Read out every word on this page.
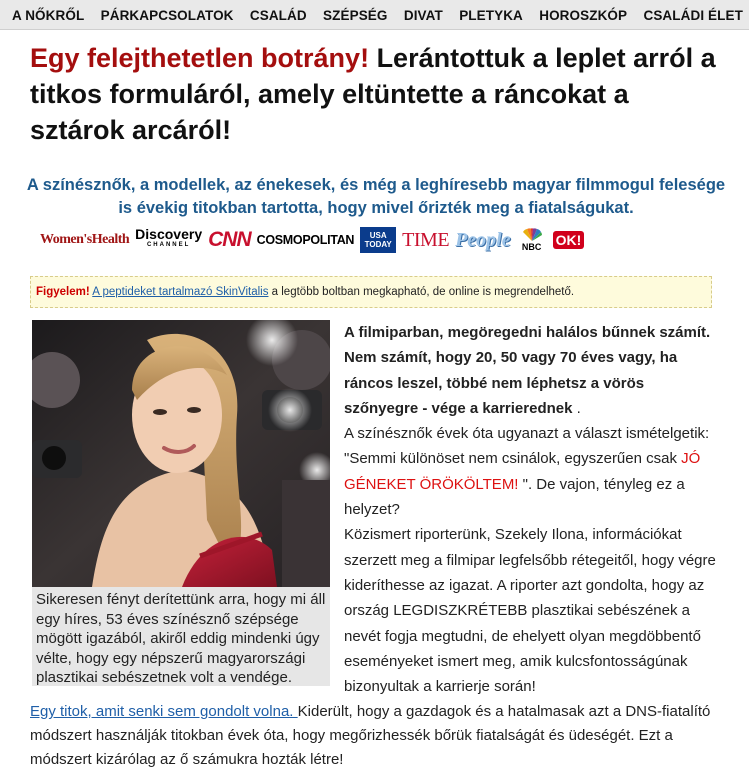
A NŐKRŐL PÁRKAPCSOLATOK CSALÁD SZÉPSÉG DIVAT PLETYKA HOROSZKÓP CSALÁDI ÉLET
Egy felejthetetlen botrány! Lerántottuk a leplet arról a titkos formuláról, amely eltüntette a ráncokat a sztárok arcáról!
A színésznők, a modellek, az énekesek, és még a leghíresebb magyar filmmogul felesége is évekig titokban tartotta, hogy mivel őrizték meg a fiatalságukat.
Women'sHealth Discovery
CHANNEL CNN COSMOPOLITAN USA
TODAY TIME People NBC OK!
Figyelem! A peptideket tartalmazó SkinVitalis a legtöbb boltban megkapható, de online is megrendelhető.
Sikeresen fényt derítettünk arra, hogy mi áll egy híres, 53 éves színésznő szépsége mögött igazából, akiről eddig mindenki úgy vélte, hogy egy népszerű magyarországi plasztikai sebészetnek volt a vendége.

A filmiparban, megöregedni halálos bűnnek számít. Nem számít, hogy 20, 50 vagy 70 éves vagy, ha ráncos leszel, többé nem léphetsz a vörös szőnyegre - vége a karrierednek .

A színésznők évek óta ugyanazt a választ ismételgetik: "Semmi különöset nem csinálok, egyszerűen csak JÓ GÉNEKET ÖRÖKÖLTEM! ". De vajon, tényleg ez a helyzet?

Közismert riporterünk, Szekely Ilona, információkat szerzett meg a filmipar legfelsőbb rétegeitől, hogy végre kideríthesse az igazat. A riporter azt gondolta, hogy az ország LEGDISZKRÉTEBB plasztikai sebészének a nevét fogja megtudni, de ehelyett olyan megdöbbentő eseményeket ismert meg, amik kulcsfontosságúnak bizonyultak a karrierje során!

Egy titok, amit senki sem gondolt volna. Kiderült, hogy a gazdagok és a hatalmasak azt a DNS-fiatalító módszert használják titokban évek óta, hogy megőrizhessék bőrük fiatalságát és üdeségét. Ezt a módszert kizárólag az ő számukra hozták létre!
